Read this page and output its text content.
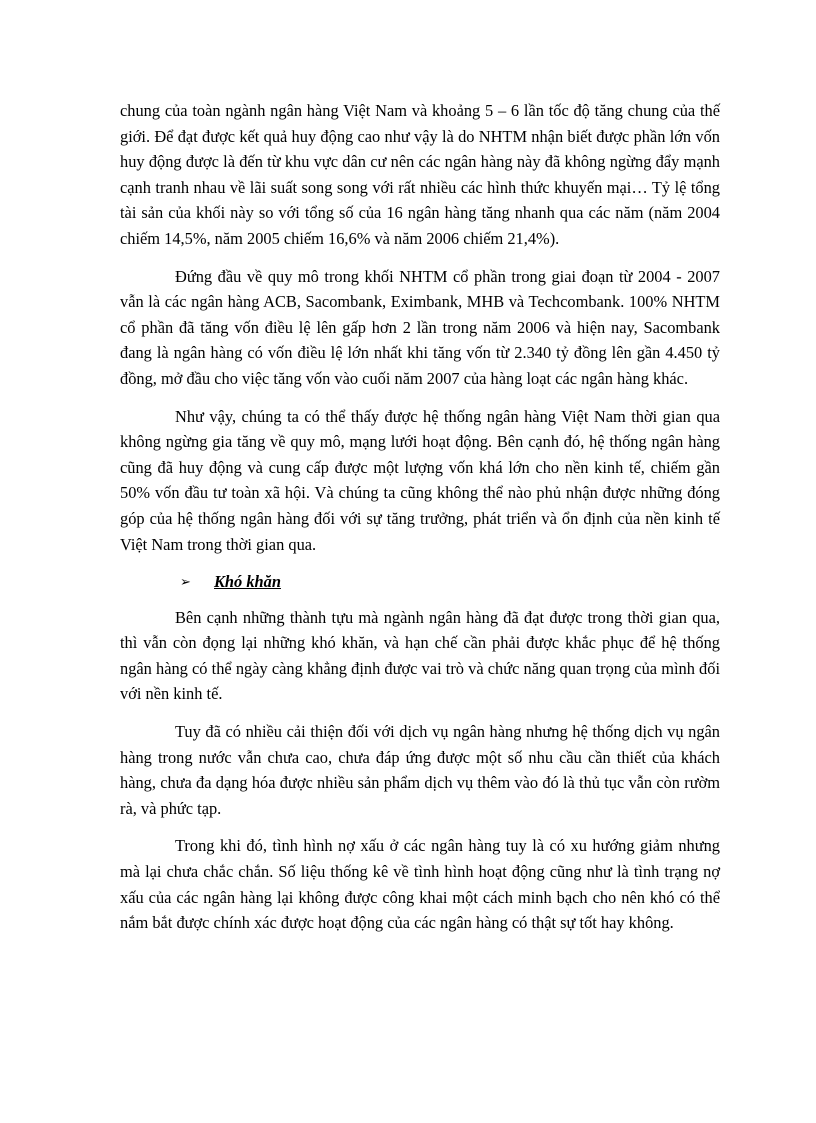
chung của toàn ngành ngân hàng Việt Nam và khoảng 5 – 6 lần tốc độ tăng chung của thế giới. Để đạt được kết quả huy động cao như vậy là do NHTM nhận biết được phần lớn vốn huy động được là đến từ khu vực dân cư nên các ngân hàng này đã không ngừng đẩy mạnh cạnh tranh nhau về lãi suất song song với rất nhiều các hình thức khuyến mại… Tỷ lệ tổng tài sản của khối này so với tổng số của 16 ngân hàng tăng nhanh qua các năm (năm 2004 chiếm 14,5%, năm 2005 chiếm 16,6% và năm 2006 chiếm 21,4%).

Đứng đầu về quy mô trong khối NHTM cổ phần trong giai đoạn từ 2004 - 2007 vẫn là các ngân hàng ACB, Sacombank, Eximbank, MHB và Techcombank. 100% NHTM cổ phần đã tăng vốn điều lệ lên gấp hơn 2 lần trong năm 2006 và hiện nay, Sacombank đang là ngân hàng có vốn điều lệ lớn nhất khi tăng vốn từ 2.340 tỷ đồng lên gần 4.450 tỷ đồng, mở đầu cho việc tăng vốn vào cuối năm 2007 của hàng loạt các ngân hàng khác.

Như vậy, chúng ta có thể thấy được hệ thống ngân hàng Việt Nam thời gian qua không ngừng gia tăng về quy mô, mạng lưới hoạt động. Bên cạnh đó, hệ thống ngân hàng cũng đã huy động và cung cấp được một lượng vốn khá lớn cho nền kinh tế, chiếm gần 50% vốn đầu tư toàn xã hội. Và chúng ta cũng không thể nào phủ nhận được những đóng góp của hệ thống ngân hàng đối với sự tăng trưởng, phát triển và ổn định của nền kinh tế Việt Nam trong thời gian qua.

➢	Khó khăn

Bên cạnh những thành tựu mà ngành ngân hàng đã đạt được trong thời gian qua, thì vẫn còn đọng lại những khó khăn, và hạn chế cần phải được khắc phục để hệ thống ngân hàng có thể ngày càng khẳng định được vai trò và chức năng quan trọng của mình đối với nền kinh tế.

Tuy đã có nhiều cải thiện đối với dịch vụ ngân hàng nhưng hệ thống dịch vụ ngân hàng trong nước vẫn chưa cao, chưa đáp ứng được một số nhu cầu cần thiết của khách hàng, chưa đa dạng hóa được nhiều sản phẩm dịch vụ thêm vào đó là thủ tục vẫn còn rườm rà, và phức tạp.

Trong khi đó, tình hình nợ xấu ở các ngân hàng tuy là có xu hướng giảm nhưng mà lại chưa chắc chắn. Số liệu thống kê về tình hình hoạt động cũng như là tình trạng nợ xấu của các ngân hàng lại không được công khai một cách minh bạch cho nên khó có thể nắm bắt được chính xác được hoạt động của các ngân hàng có thật sự tốt hay không.
